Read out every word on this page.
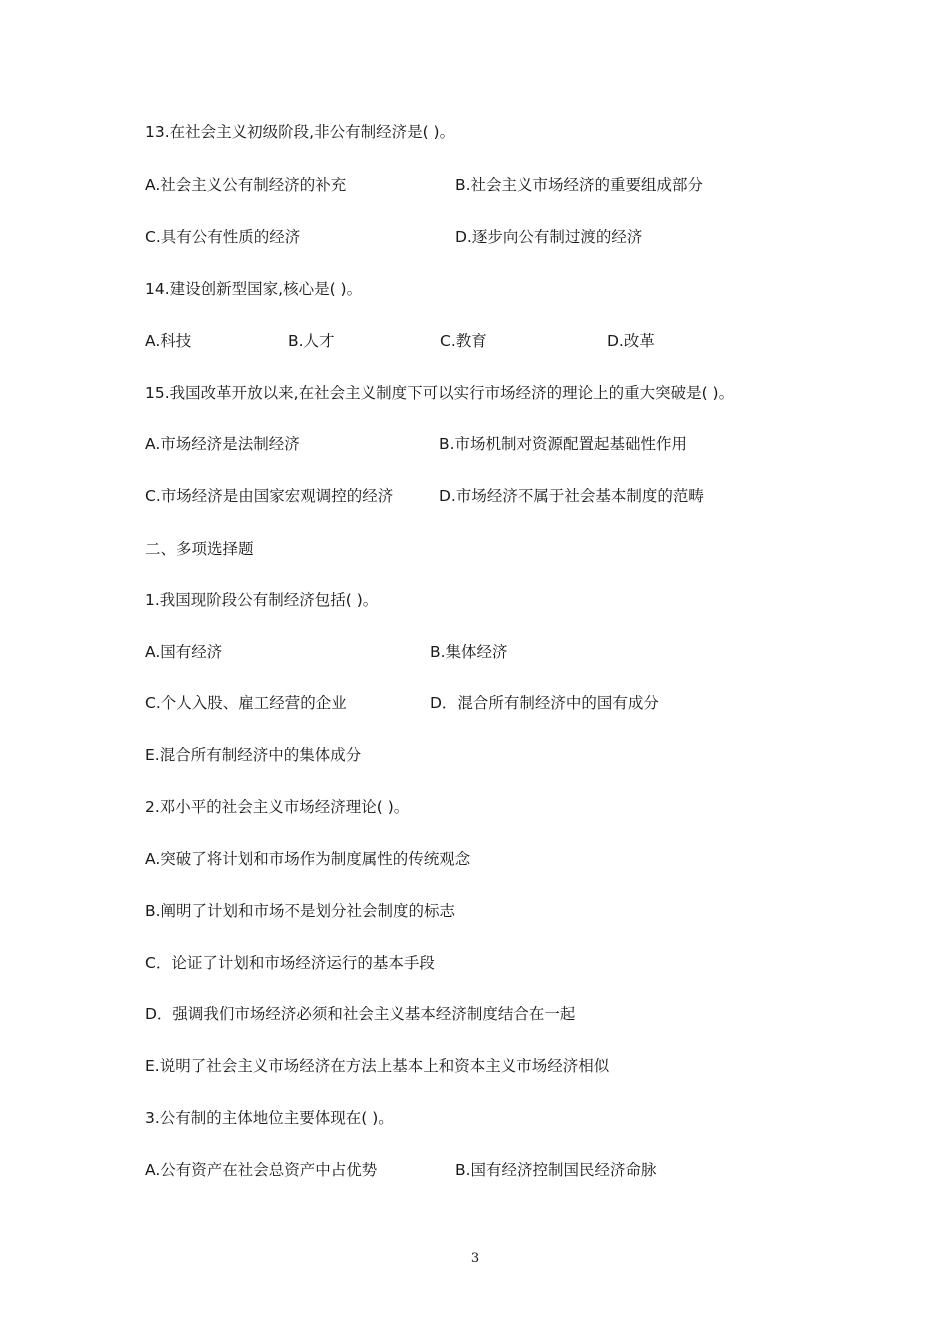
13.在社会主义初级阶段,非公有制经济是( )。
A.社会主义公有制经济的补充	B.社会主义市场经济的重要组成部分
C.具有公有性质的经济	D.逐步向公有制过渡的经济
14.建设创新型国家,核心是( )。
A.科技	B.人才	C.教育	D.改革
15.我国改革开放以来,在社会主义制度下可以实行市场经济的理论上的重大突破是( )。
A.市场经济是法制经济	B.市场机制对资源配置起基础性作用
C.市场经济是由国家宏观调控的经济	D.市场经济不属于社会基本制度的范畴
二、多项选择题
1.我国现阶段公有制经济包括( )。
A.国有经济	B.集体经济
C.个人入股、雇工经营的企业	D．混合所有制经济中的国有成分
E.混合所有制经济中的集体成分
2.邓小平的社会主义市场经济理论( )。
A.突破了将计划和市场作为制度属性的传统观念
B.阐明了计划和市场不是划分社会制度的标志
C．论证了计划和市场经济运行的基本手段
D．强调我们市场经济必须和社会主义基本经济制度结合在一起
E.说明了社会主义市场经济在方法上基本上和资本主义市场经济相似
3.公有制的主体地位主要体现在( )。
A.公有资产在社会总资产中占优势	B.国有经济控制国民经济命脉
3
